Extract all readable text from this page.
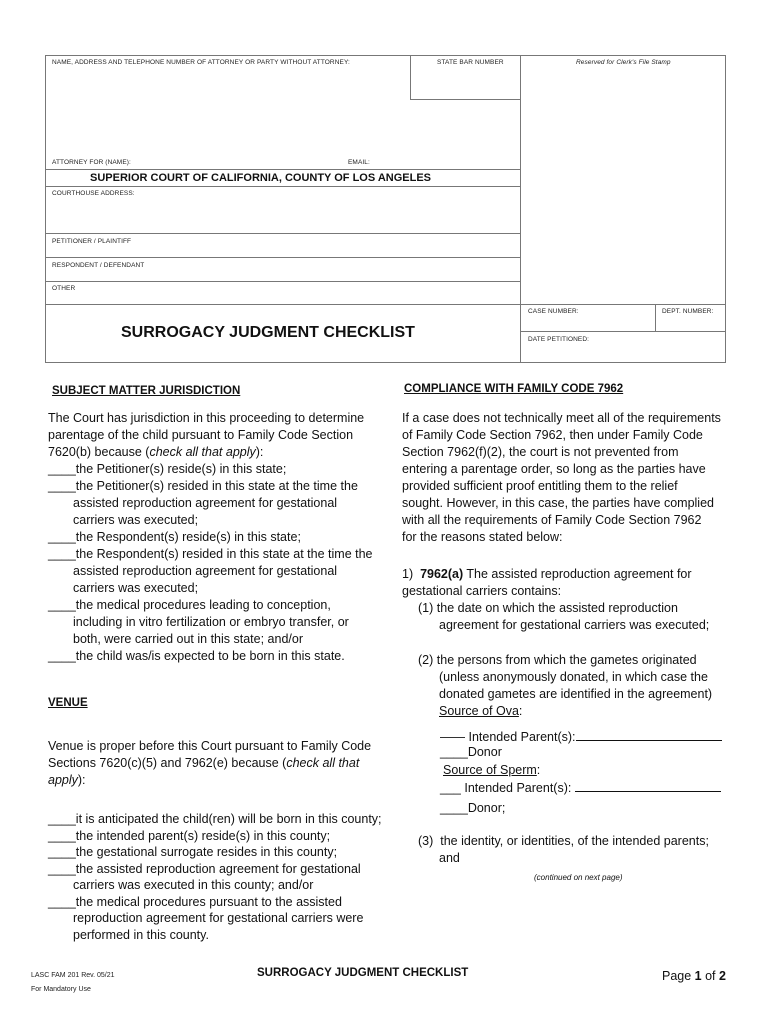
NAME, ADDRESS AND TELEPHONE NUMBER OF ATTORNEY OR PARTY WITHOUT ATTORNEY:	STATE BAR NUMBER	Reserved for Clerk's File Stamp
ATTORNEY FOR (NAME):	EMAIL:
SUPERIOR COURT OF CALIFORNIA, COUNTY OF LOS ANGELES
COURTHOUSE ADDRESS:
PETITIONER / PLAINTIFF
RESPONDENT / DEFENDANT
OTHER
CASE NUMBER:	DEPT. NUMBER:
DATE PETITIONED:
SURROGACY JUDGMENT CHECKLIST
SUBJECT MATTER JURISDICTION
The Court has jurisdiction in this proceeding to determine
parentage of the child pursuant to Family Code Section
7620(b) because (check all that apply):
____the Petitioner(s) reside(s) in this state;
____the Petitioner(s) resided in this state at the time the
assisted reproduction agreement for gestational
carriers was executed;
____the Respondent(s) reside(s) in this state;
____the Respondent(s) resided in this state at the time the
assisted reproduction agreement for gestational
carriers was executed;
____the medical procedures leading to conception,
including in vitro fertilization or embryo transfer, or
both, were carried out in this state; and/or
____the child was/is expected to be born in this state.
VENUE
Venue is proper before this Court pursuant to Family Code
Sections 7620(c)(5) and 7962(e) because (check all that
apply):
____it is anticipated the child(ren) will be born in this county;
____the intended parent(s) reside(s) in this county;
____the gestational surrogate resides in this county;
____the assisted reproduction agreement for gestational
carriers was executed in this county; and/or
____the medical procedures pursuant to the assisted
reproduction agreement for gestational carriers were
performed in this county.
COMPLIANCE WITH FAMILY CODE 7962
If a case does not technically meet all of the requirements
of Family Code Section 7962, then under Family Code
Section 7962(f)(2), the court is not prevented from
entering a parentage order, so long as the parties have
provided sufficient proof entitling them to the relief
sought. However, in this case, the parties have complied
with all the requirements of Family Code Section 7962
for the reasons stated below:
1) 7962(a) The assisted reproduction agreement for
gestational carriers contains:
(1) the date on which the assisted reproduction
agreement for gestational carriers was executed;
(2) the persons from which the gametes originated
(unless anonymously donated, in which case the
donated gametes are identified in the agreement)
Source of Ova:
—— Intended Parent(s):
____Donor
Source of Sperm:
___ Intended Parent(s):
____Donor;
(3) the identity, or identities, of the intended parents;
and
(continued on next page)
LASC FAM 201 Rev. 05/21
For Mandatory Use
SURROGACY JUDGMENT CHECKLIST	Page 1 of 2
